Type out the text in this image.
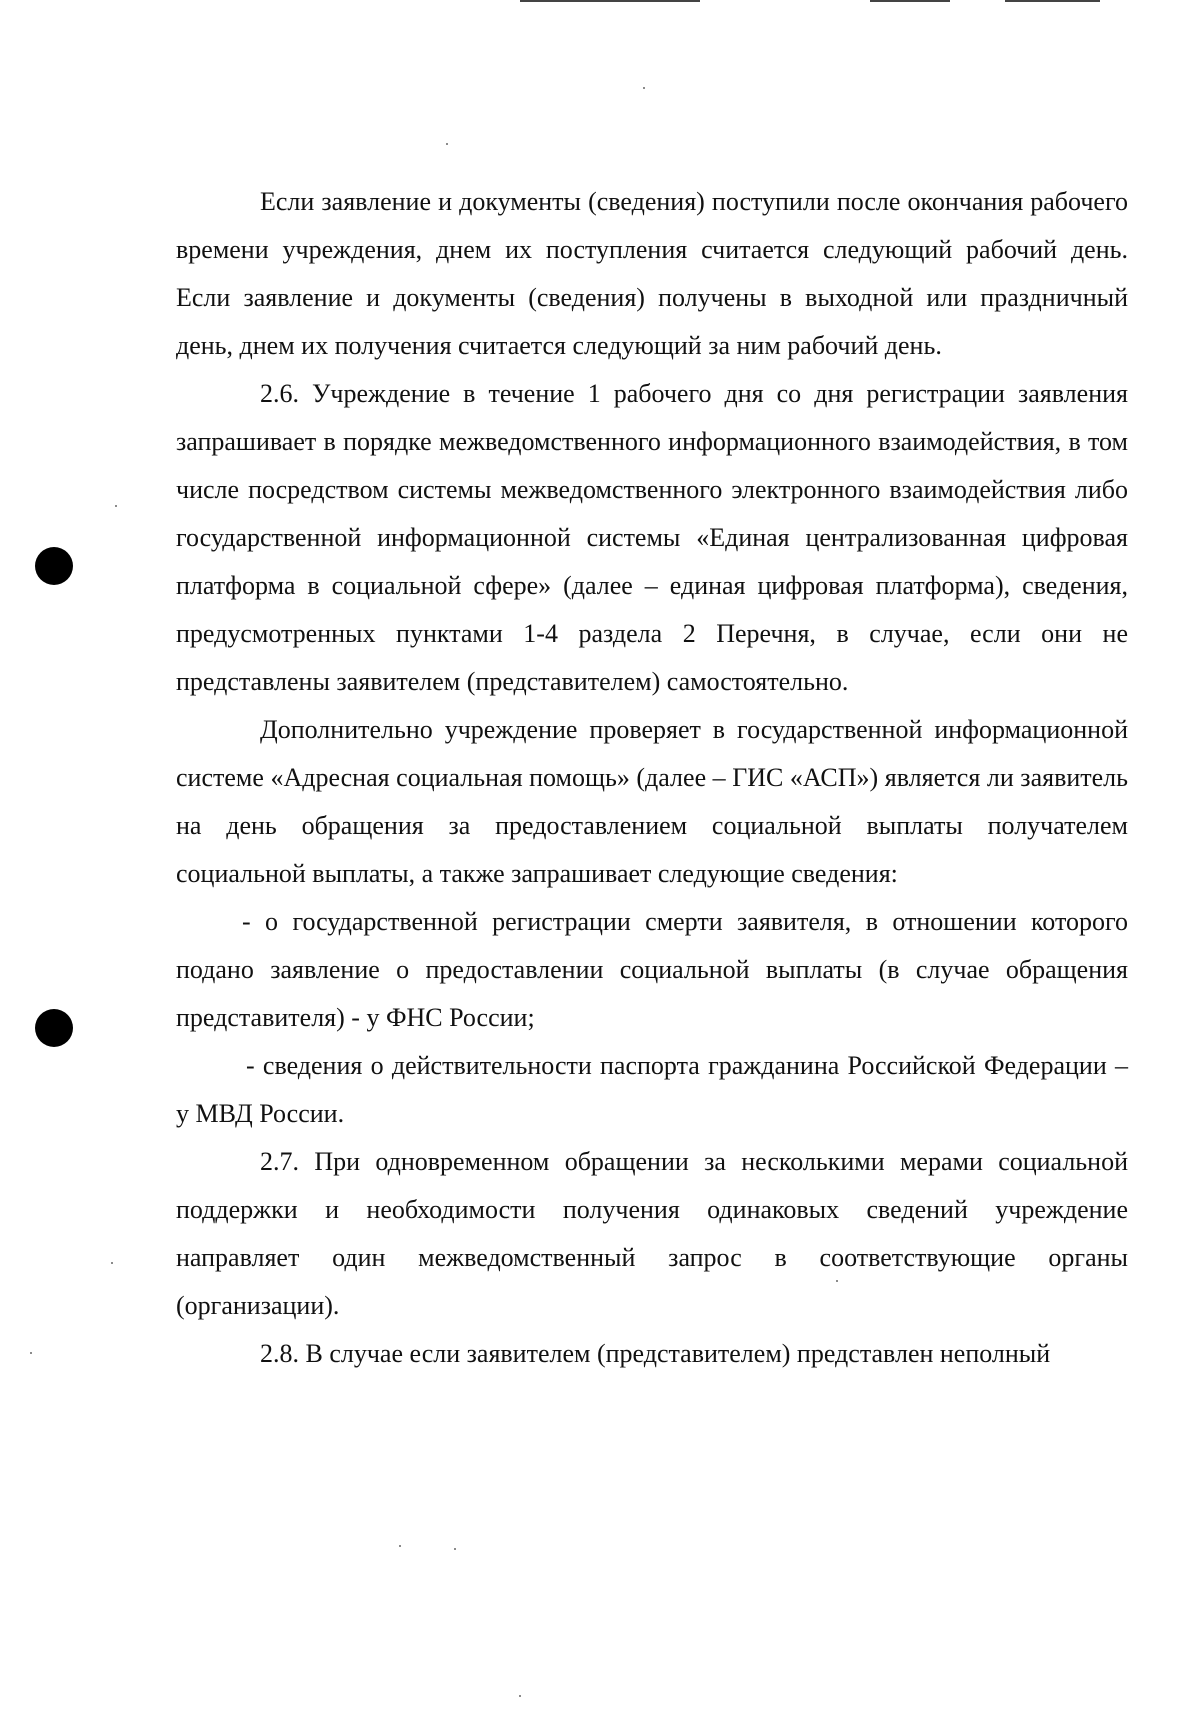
Если заявление и документы (сведения) поступили после окончания рабочего времени учреждения, днем их поступления считается следующий рабочий день. Если заявление и документы (сведения) получены в выходной или праздничный день, днем их получения считается следующий за ним рабочий день.

2.6. Учреждение в течение 1 рабочего дня со дня регистрации заявления запрашивает в порядке межведомственного информационного взаимодействия, в том числе посредством системы межведомственного электронного взаимодействия либо государственной информационной системы «Единая централизованная цифровая платформа в социальной сфере» (далее – единая цифровая платформа), сведения, предусмотренных пунктами 1-4 раздела 2 Перечня, в случае, если они не представлены заявителем (представителем) самостоятельно.

Дополнительно учреждение проверяет в государственной информационной системе «Адресная социальная помощь» (далее – ГИС «АСП») является ли заявитель на день обращения за предоставлением социальной выплаты получателем социальной выплаты, а также запрашивает следующие сведения:

- о государственной регистрации смерти заявителя, в отношении которого подано заявление о предоставлении социальной выплаты (в случае обращения представителя) - у ФНС России;

- сведения о действительности паспорта гражданина Российской Федерации – у МВД России.

2.7. При одновременном обращении за несколькими мерами социальной поддержки и необходимости получения одинаковых сведений учреждение направляет один межведомственный запрос в соответствующие органы (организации).

2.8. В случае если заявителем (представителем) представлен неполный
